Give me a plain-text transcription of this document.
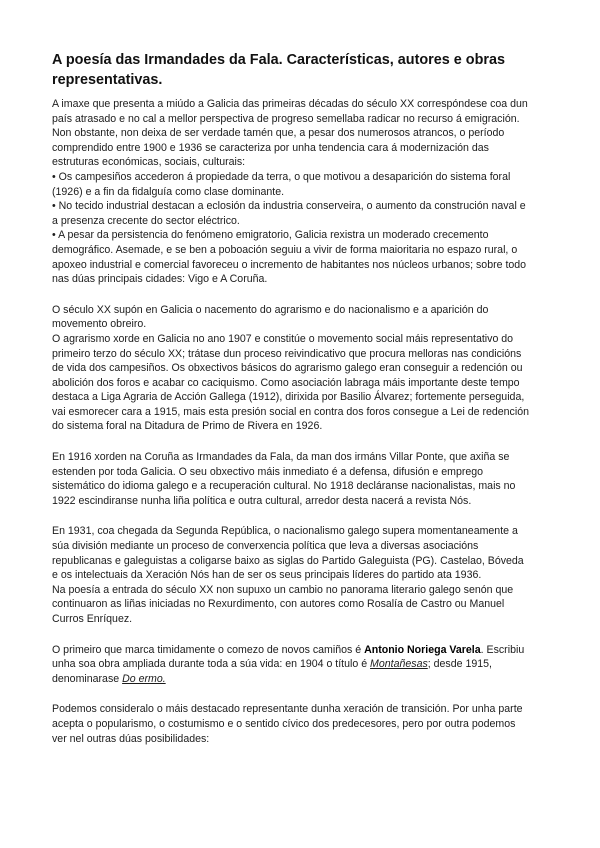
A poesía das Irmandades da Fala. Características, autores e obras
representativas.
A imaxe que presenta a miúdo a Galicia das primeiras décadas do século XX correspóndese coa dun
país atrasado e no cal a mellor perspectiva de progreso semellaba radicar no recurso á emigración.
Non obstante, non deixa de ser verdade tamén que, a pesar dos numerosos atrancos, o período
comprendido entre 1900 e 1936 se caracteriza por unha tendencia cara á modernización das
estruturas económicas, sociais, culturais:
• Os campesiños accederon á propiedade da terra, o que motivou a desaparición do sistema foral
(1926) e a fin da fidalguía como clase dominante.
• No tecido industrial destacan a eclosión da industria conserveira, o aumento da construción naval e
a presenza crecente do sector eléctrico.
• A pesar da persistencia do fenómeno emigratorio, Galicia rexistra un moderado crecemento
demográfico. Asemade, e se ben a poboación seguiu a vivir de forma maioritaria no espazo rural, o
apoxeo industrial e comercial favoreceu o incremento de habitantes nos núcleos urbanos; sobre todo
nas dúas principais cidades: Vigo e A Coruña.
O século XX supón en Galicia o nacemento do agrarismo e do nacionalismo e a aparición do
movemento obreiro.
O agrarismo xorde en Galicia no ano 1907 e constitúe o movemento social máis representativo do
primeiro terzo do século XX; trátase dun proceso reivindicativo que procura melloras nas condicións
de vida dos campesiños. Os obxectivos básicos do agrarismo galego eran conseguir a redención ou
abolición dos foros e acabar co caciquismo. Como asociación labraga máis importante deste tempo
destaca a Liga Agraria de Acción Gallega (1912), dirixida por Basilio Álvarez; fortemente perseguida,
vai esmorecer cara a 1915, mais esta presión social en contra dos foros consegue a Lei de redención
do sistema foral na Ditadura de Primo de Rivera en 1926.
En 1916 xorden na Coruña as Irmandades da Fala, da man dos irmáns Villar Ponte, que axiña se
estenden por toda Galicia. O seu obxectivo máis inmediato é a defensa, difusión e emprego
sistemático do idioma galego e a recuperación cultural. No 1918 decláranse nacionalistas, mais no
1922 escindiranse nunha liña política e outra cultural, arredor desta nacerá a revista Nós.
En 1931, coa chegada da Segunda República, o nacionalismo galego supera momentaneamente a
súa división mediante un proceso de converxencia política que leva a diversas asociacións
republicanas e galeguistas a coligarse baixo as siglas do Partido Galeguista (PG). Castelao, Bóveda
e os intelectuais da Xeración Nós han de ser os seus principais líderes do partido ata 1936.
Na poesía a entrada do século XX non supuxo un cambio no panorama literario galego senón que
continuaron as liñas iniciadas no Rexurdimento, con autores como Rosalía de Castro ou Manuel
Curros Enríquez.
O primeiro que marca timidamente o comezo de novos camiños é Antonio Noriega Varela. Escribiu
unha soa obra ampliada durante toda a súa vida: en 1904 o título é Montañesas; desde 1915,
denominarase Do ermo.
Podemos consideralo o máis destacado representante dunha xeración de transición. Por unha parte
acepta o popularismo, o costumismo e o sentido cívico dos predecesores, pero por outra podemos
ver nel outras dúas posibilidades:
